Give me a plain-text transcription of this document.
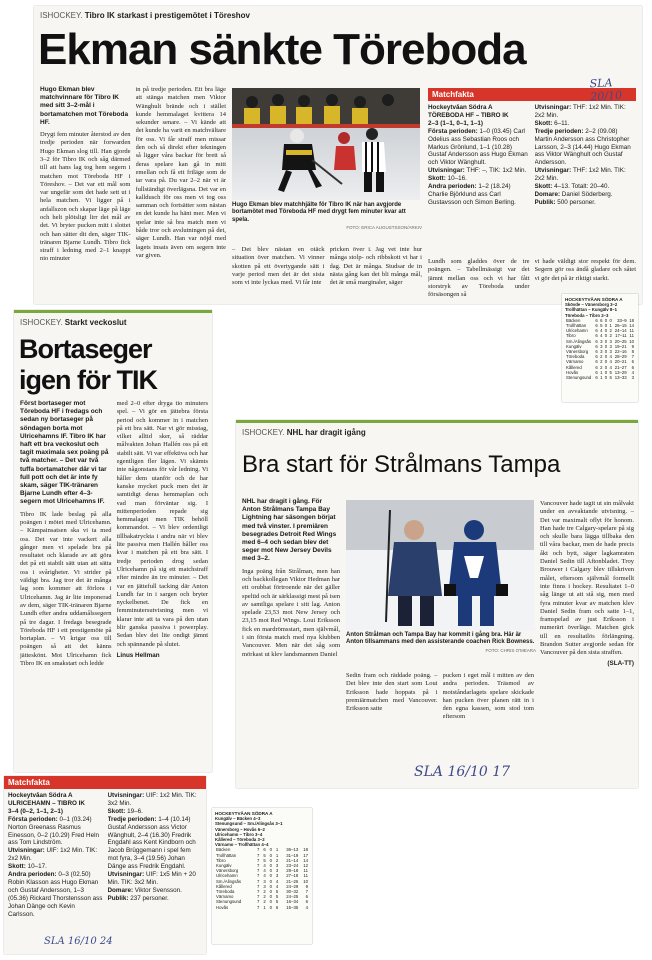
ISHOCKEY. Tibro IK starkast i prestigemötet i Töreshov
Ekman sänkte Töreboda
Hugo Ekman blev matchvinnare för Tibro IK med sitt 3–2-mål i bortamatchen mot Töreboda HF.
Drygt fem minuter återstod av den tredje perioden när forwarden Hugo Ekman slog till. Han gjorde 3–2 för Tibro IK och såg därmed till att hans lag tog hem segern i matchen mot Töreboda HF i Töreshov. – Det var ett mål som var ungefär som det hade sett ut i hela matchen. Vi ligger på i anfallszon och skapar läge på läge och helt plötsligt lirr det mål av det. Vi bryter pucken mitt i slottet och han sätter dit den, säger TIK-tränaren Bjarne Lundh. Tibro fick straff i ledning med 2–1 knappt nio minuter
in på tredje perioden. Ett bra läge att stänga matchen men Viktor Wänghult brände och i stället kunde hemmalaget kvittera 14 sekunder senare. – Vi kände att det kunde ha varit en matchvältare för oss. Vi får straff men missar den och så direkt efter tekningen så ligger våra backar för brett så deras spelare kan gå in mitt emellan och få ett friläge som de tar vara på. Du var 2–2 när vi är fullständigt överlägsna. Det var en kalldusch för oss men vi tog oss samman och fortsätter som nästan en det kunde ha hänt mer. Men vi spelar inte så bra match men vi både tror och avslutningen på det, säger Lundh. Han var nöjd med lagets insats även om segern inte var given.
Hugo Ekman blev matchhjälte för Tibro IK när han avgjorde bortamötet med Töreboda HF med drygt fem minuter kvar att spela.
FOTO: ERICA AUGUSTSSON/ARKIV
– Det blev nästan en otäck situation över matchen. Vi vinner skotten på ett övertygande sätt i varje period men det är det sista som vi inte lyckas med. Vi får inte
pricken över i. Jag vet inte hur många stolp- och ribbskott vi har i dag. Det är många. Studsar de in nästa gång kan det bli många mål, det är små marginaler, säger
Matchfakta
Hockeytvåan Södra A
TÖREBODA HF – TIBRO IK
2–3 (1–1, 0–1, 1–1)
Första perioden: 1–0 (03.45) Carl Odelius ass Sebastian Roos och Markus Grönlund, 1–1 (10.28) Gustaf Andersson ass Hugo Ekman och Viktor Wänghult.
Utvisningar: THF: –, TIK: 1x2 Min.
Skott: 10–16.
Andra perioden: 1–2 (18.24) Charlie Björklund ass Carl Gustavsson och Simon Berling.
Utvisningar: THF: 1x2 Min. TIK: 2x2 Min.
Skott: 6–11.
Tredje perioden: 2–2 (09.08) Martin Andersson ass Christopher Larsson, 2–3 (14.44) Hugo Ekman ass Viktor Wänghult och Gustaf Andersson.
Utvisningar: THF: 1x2 Min. TIK: 2x2 Min.
Skott: 4–13. Totalt: 20–40.
Domare: Daniel Söderberg.
Publik: 500 personer.
Lundh som gladdes över de tre poängen. – Tabellmässigt var det jämnt mellan oss och vi har fått storstryk av Töreboda under försäsongen så
vi hade väldigt stor respekt för dem. Segern gör oss ändå gladare och såtet vi gör det på är riktigt starkt.
SLA 20/10
HOCKEYTVÅAN SÖDRA A
Skövde – Vänersborg 3–2
Trollhättan – Kungälv 8–1
Töreboda – Tibro 2–3
Bäcken	6	6	0	0	33–9	18
Trollhättan	6	5	0	1	26–15	14
Ulricehamn	6	4	0	2	24–14	11
Tibro	6	4	0	2	17–11	11
Sm./Alingsås	6	3	0	3	20–25	10
Kungälv	6	3	0	3	19–21	9
Vänersborg	6	3	0	3	22–16	8
Töreboda	6	2	0	4	28–29	7
Värnamo	6	2	0	4	20–21	6
Kållered	6	2	0	4	21–27	6
Hovås	6	1	0	5	13–29	4
Stenungsund	6	1	0	5	13–33	3
ISHOCKEY. Starkt veckoslut
Bortaseger igen för TIK
Först bortaseger mot Töreboda HF i fredags och sedan ny bortaseger på söndagen borta mot Ulricehamns IF. Tibro IK har haft ett bra veckoslut och tagit maximala sex poäng på två matcher. – Det var två tuffa bortamatcher där vi tar full pott och det är inte fy skam, säger TIK-tränaren Bjarne Lundh efter 4–3-segern mot Ulricehamns IF.
Tibro IK lade beslag på alla poängen i mötet med Ulricehamn. – Kämpainsatsen ska vi ta med oss. Det var inte vackert alla gånger men vi spelade bra på resultatet och klarade av att göra det på ett stabilt sätt utan att sätta oss i svårigheter. Vi strider på väldigt bra. Jag tror det är många lag som kommer att förlora i Ulricehamn. Jag är lite imponerad av dem, säger TIK-tränaren Bjarne Lundh efter andra uddamålssegern på tre dagar. I fredags besegrade Töreboda HF i ett prestigemöte på bortaplan. – Vi krigar oss till poängen så att det känns jätteskönt. Mot Ulricehamn fick Tibro IK en smakstart och ledde
med 2–0 efter dryga tio minuters spel. – Vi gör en jättebra första period och kommer in i matchen på ett bra sätt. Nar vi gör misstag, vilket alltid sker, så räddar målvakten Johan Hallén oss på ett stabilt sätt. Vi var effektiva och har egentligen fler lägen. Vi skämts inte någonstans för vår ledning. Vi håller dem utanför och de har kanske mycket puck men det är samtidigt deras hemmaplan och vad man förväntar sig. I mittenperioden repade sig hemmalaget men TIK behöll kommandot. – Vi blev ordentligt tillbakatryckta i andra när vi blev lite passiva men Hallén håller oss kvar i matchen på ett bra sätt. I tredje perioden drog sedan Ulricehamn på sig ett matchstraff efter mindre än tre minuter. – Det var en jättefull tacking där Anton Lundh far in i sargen och bryter nyckelbenet. De fick en femminutersutvisning men vi klarar inte att ta vara på den utan blir ganska passiva i powerplay. Sedan blev det lite ondigt jämnt och spännande på slutet.
Linus Hellman
Matchfakta
Hockeytvåan Södra A
ULRICEHAMN – TIBRO IK
3–4 (0–2, 1–1, 2–1)
Första perioden: 0–1 (03.24) Norton Greenass Rasmus Einesson, 0–2 (10.29) Fred Heln ass Tom Lindström.
Utvisningar: UIF: 1x2 Min. TIK: 2x2 Min.
Skott: 10–17.
Andra perioden: 0–3 (02.50) Robin Klasson ass Hugo Ekman och Gustaf Andersson, 1–3 (05.36) Rickard Thorstensson ass Johan Dänge och Kevin Carlsson.
Utvisningar: UIF: 1x2 Min. TIK: 3x2 Min.
Skott: 19–6.
Tredje perioden: 1–4 (10.14) Gustaf Andersson ass Victor Wänghult, 2–4 (16.30) Fredrik Engdahl ass Kent Kindborn och Jacob Brüggemann i spel fem mot fyra, 3–4 (19.56) Johan Dänge ass Fredrik Engdahl.
Utvisningar: UIF: 1x5 Min + 20 Min. TIK: 3x2 Min.
Domare: Viktor Svensson.
Publik: 237 personer.
SLA 16/10 24
HOCKEYTVÅAN SÖDRA A
Kungälv – Bäcken 4–3
Stenungsund – Sm./Alingsås 3–1
Vänersborg – Hovås 6–2
Ulricehamn – Tibro 3–4
Kållered – Töreboda 3–2
Värnamo – Trollhättan 4–4
Bäcken	7	6	0	1	36–13	18
Trollhättan	7	5	0	1	31–19	17
Tibro	7	5	0	2	21–14	14
Kungälv	7	4	0	3	23–24	12
Vänersborg	7	4	0	3	28–18	11
Ulricehamn	7	4	0	3	27–18	11
Sm./Alingsås	7	3	0	4	21–26	10
Kållered	7	3	0	4	24–29	9
Töreboda	7	2	0	5	30–32	7
Värnamo	7	2	0	5	24–25	6
Stenungsund	7	2	0	5	16–34	6
Hovås	7	1	0	6	15–35	4
ISHOCKEY. NHL har dragit igång
Bra start för Strålmans Tampa
NHL har dragit i gång. För Anton Strålmans Tampa Bay Lightning har säsongen börjat med två vinster. I premiären besegrades Detroit Red Wings med 6–4 och sedan blev det seger mot New Jersey Devils med 3–2.
Inga poäng från Strålman, men han och backkollegan Viktor Hedman har ett orubbat förtroende när det gäller speltid och är särklassigt mest på isen av samtliga spelare i sitt lag. Anton spelade 23,53 mot New Jersey och 23,15 mot Red Wings. Loui Eriksson fick en mardrömsstart, men självmål, i sin första match med nya klubben Vancouver. Men när det såg som mörkast ut klev landsmannen Daniel
Anton Strålman och Tampa Bay har kommit i gång bra. Här är Anton tillsammans med den assisterande coachen Rick Bowness.
FOTO: CHRIS O'MEARA
Sedin fram och räddade poäng. – Det blev inte den start som Loui Eriksson hade hoppats på i premiärmatchen med Vancouver. Eriksson satte
pucken i eget mål i mitten av den andra perioden. Träsmod av motståndarlagets spelare skickade han pucken över planen rätt in i den egna kassen, som stod tom eftersom
Vancouver hade tagit ut sin målvakt under en avvaktande utvisning. – Det var maximalt oflyt för honom. Han hade tre Calgary-spelare på sig och skulle bara lägga tillbaka den till våra backar, men de hade precis åkt och bytt, säger lagkamraten Daniel Sedin till Aftonbladet. Troy Brouwer i Calgary blev tillskriven målet, eftersom självmål formellt inte finns i hockey. Resultatet 1–0 såg länge ut att stå sig, men med fyra minuter kvar av matchen klev Daniel Sedin fram och satte 1–1, framspelad av just Eriksson i numerärt överläge. Matchen gick till en resultatlös förlängning. Brandon Sutter avgjorde sedan för Vancouver på den sista straffen.
(SLA-TT)
SLA 16/10 17
